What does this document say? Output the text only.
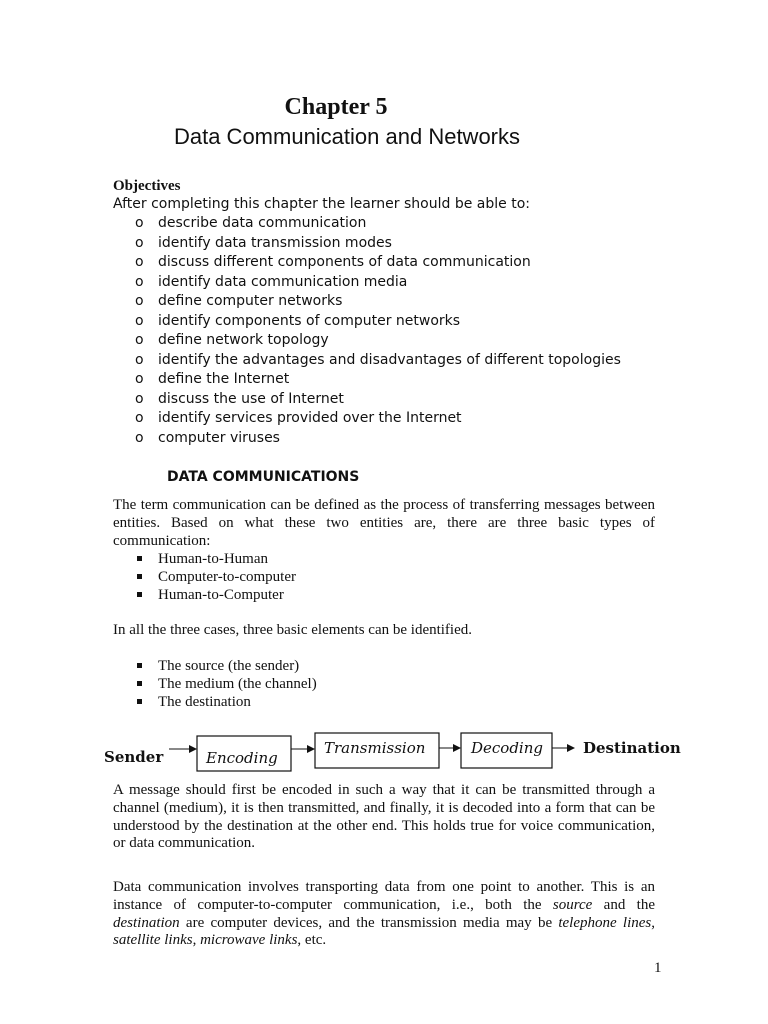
Chapter 5
Data Communication and Networks
Objectives
After completing this chapter the learner should be able to:
o describe data communication
o identify data transmission modes
o discuss different components of data communication
o identify data communication media
o define computer networks
o identify components of computer networks
o define network topology
o identify the advantages and disadvantages of different topologies
o define the Internet
o discuss the use of Internet
o identify services provided over the Internet
o computer viruses
DATA COMMUNICATIONS

The term communication can be defined as the process of transferring messages between entities. Based on what these two entities are, there are three basic types of communication:

Human-to-Human
Computer-to-computer
Human-to-Computer

In all the three cases, three basic elements can be identified.

The source (the sender)
The medium (the channel)
The destination
Sender	Encoding
Transmission	Decoding	Destination

A message should first be encoded in such a way that it can be transmitted through a channel (medium), it is then transmitted, and finally, it is decoded into a form that can be understood by the destination at the other end. This holds true for voice communication, or data communication.

Data communication involves transporting data from one point to another. This is an instance of computer-to-computer communication, i.e., both the source and the destination are computer devices, and the transmission media may be telephone lines, satellite links, microwave links, etc.

1
